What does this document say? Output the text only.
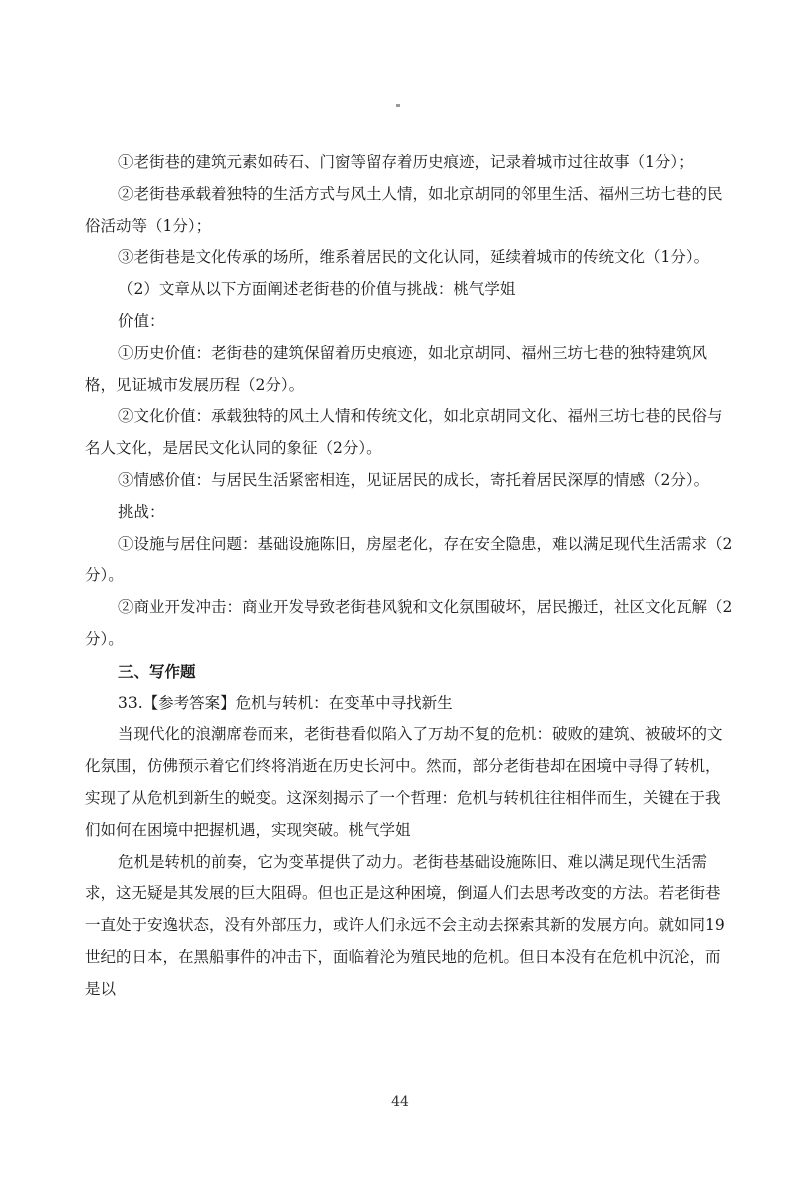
①老街巷的建筑元素如砖石、门窗等留存着历史痕迹，记录着城市过往故事（1分）；

②老街巷承载着独特的生活方式与风土人情，如北京胡同的邻里生活、福州三坊七巷的民俗活动等（1分）；

③老街巷是文化传承的场所，维系着居民的文化认同，延续着城市的传统文化（1分）。

（2）文章从以下方面阐述老街巷的价值与挑战：桃气学姐

价值：

①历史价值：老街巷的建筑保留着历史痕迹，如北京胡同、福州三坊七巷的独特建筑风格，见证城市发展历程（2分）。

②文化价值：承载独特的风土人情和传统文化，如北京胡同文化、福州三坊七巷的民俗与名人文化，是居民文化认同的象征（2分）。

③情感价值：与居民生活紧密相连，见证居民的成长，寄托着居民深厚的情感（2分）。

挑战：

①设施与居住问题：基础设施陈旧，房屋老化，存在安全隐患，难以满足现代生活需求（2分）。

②商业开发冲击：商业开发导致老街巷风貌和文化氛围破坏，居民搬迁，社区文化瓦解（2分）。

三、写作题

33.【参考答案】危机与转机：在变革中寻找新生

当现代化的浪潮席卷而来，老街巷看似陷入了万劫不复的危机：破败的建筑、被破坏的文化氛围，仿佛预示着它们终将消逝在历史长河中。然而，部分老街巷却在困境中寻得了转机，实现了从危机到新生的蜕变。这深刻揭示了一个哲理：危机与转机往往相伴而生，关键在于我们如何在困境中把握机遇，实现突破。桃气学姐

危机是转机的前奏，它为变革提供了动力。老街巷基础设施陈旧、难以满足现代生活需求，这无疑是其发展的巨大阻碍。但也正是这种困境，倒逼人们去思考改变的方法。若老街巷一直处于安逸状态，没有外部压力，或许人们永远不会主动去探索其新的发展方向。就如同19世纪的日本，在黑船事件的冲击下，面临着沦为殖民地的危机。但日本没有在危机中沉沦，而是以

44
